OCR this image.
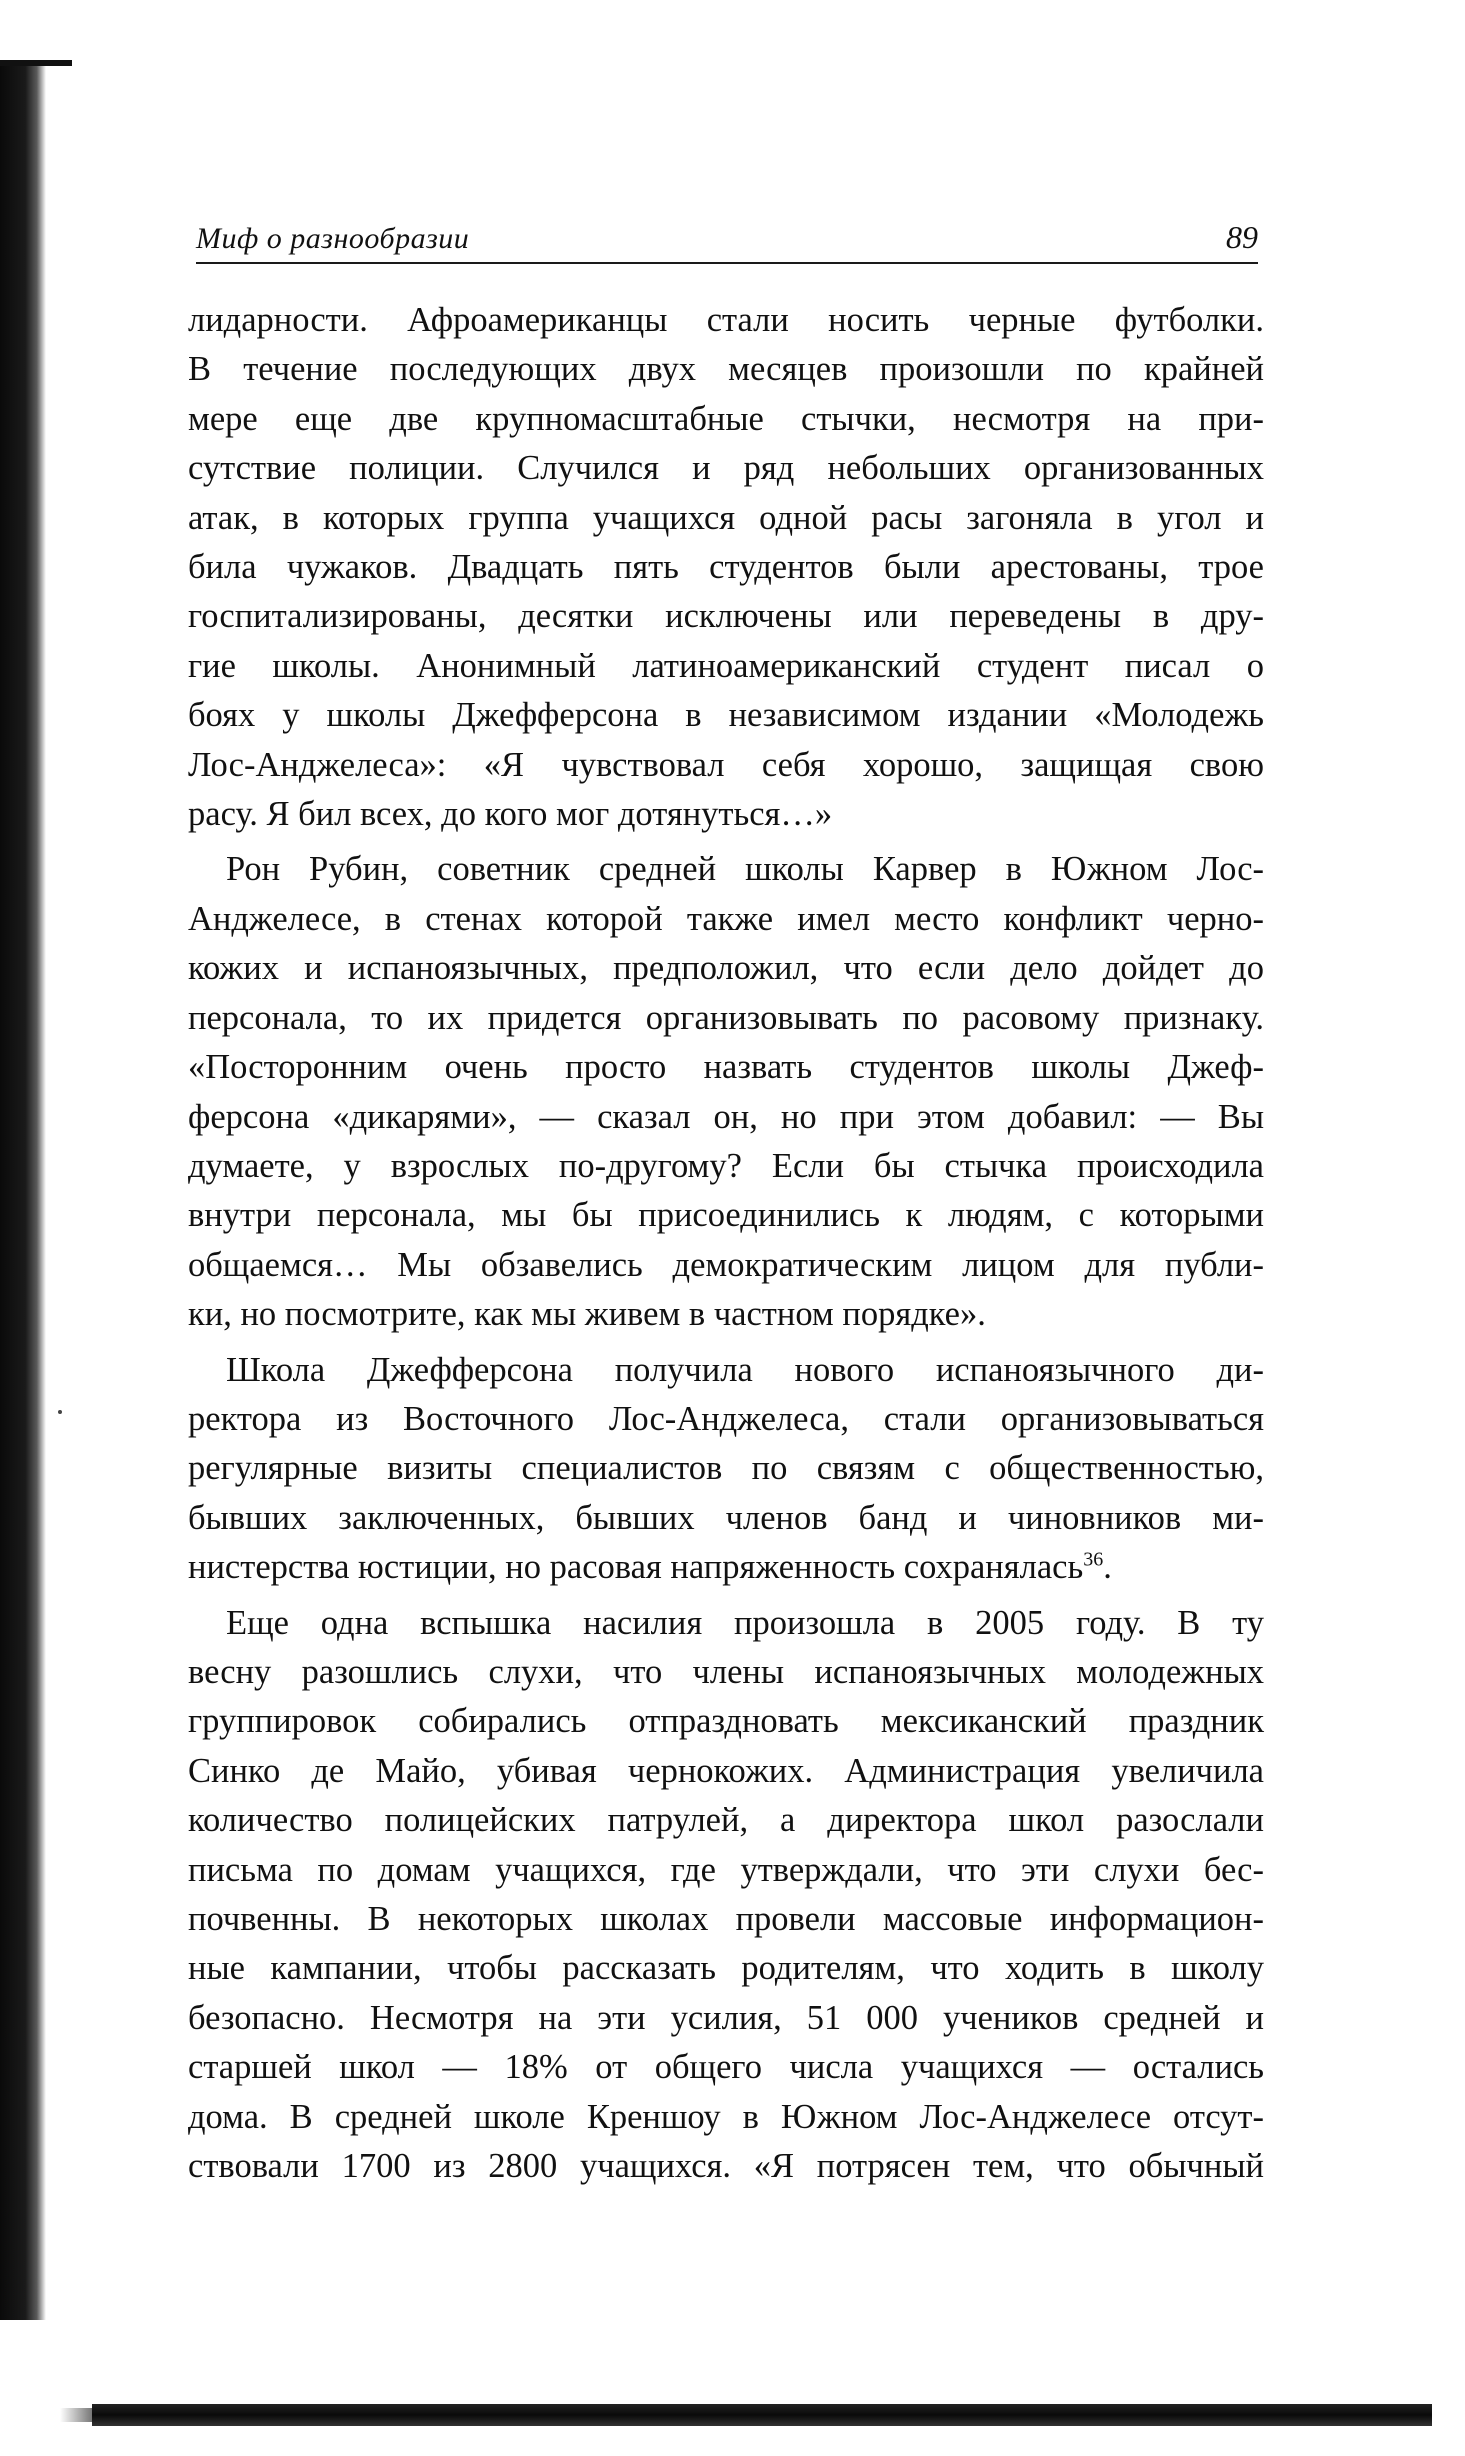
Миф о разнообразии	89
лидарности. Афроамериканцы стали носить черные футболки.
В течение последующих двух месяцев произошли по крайней
мере еще две крупномасштабные стычки, несмотря на при-
сутствие полиции. Случился и ряд небольших организованных
атак, в которых группа учащихся одной расы загоняла в угол и
била чужаков. Двадцать пять студентов были арестованы, трое
госпитализированы, десятки исключены или переведены в дру-
гие школы. Анонимный латиноамериканский студент писал о
боях у школы Джефферсона в независимом издании «Молодежь
Лос-Анджелеса»: «Я чувствовал себя хорошо, защищая свою
расу. Я бил всех, до кого мог дотянуться…»
Рон Рубин, советник средней школы Карвер в Южном Лос-
Анджелесе, в стенах которой также имел место конфликт черно-
кожих и испаноязычных, предположил, что если дело дойдет до
персонала, то их придется организовывать по расовому признаку.
«Посторонним очень просто назвать студентов школы Джеф-
ферсона «дикарями», — сказал он, но при этом добавил: — Вы
думаете, у взрослых по-другому? Если бы стычка происходила
внутри персонала, мы бы присоединились к людям, с которыми
общаемся… Мы обзавелись демократическим лицом для публи-
ки, но посмотрите, как мы живем в частном порядке».
Школа Джефферсона получила нового испаноязычного ди-
ректора из Восточного Лос-Анджелеса, стали организовываться
регулярные визиты специалистов по связям с общественностью,
бывших заключенных, бывших членов банд и чиновников ми-
нистерства юстиции, но расовая напряженность сохранялась$^{36}$.
Еще одна вспышка насилия произошла в 2005 году. В ту
весну разошлись слухи, что члены испаноязычных молодежных
группировок собирались отпраздновать мексиканский праздник
Синко де Майо, убивая чернокожих. Администрация увеличила
количество полицейских патрулей, а директора школ разослали
письма по домам учащихся, где утверждали, что эти слухи бес-
почвенны. В некоторых школах провели массовые информацион-
ные кампании, чтобы рассказать родителям, что ходить в школу
безопасно. Несмотря на эти усилия, 51 000 учеников средней и
старшей школ — 18% от общего числа учащихся — остались
дома. В средней школе Креншоу в Южном Лос-Анджелесе отсут-
ствовали 1700 из 2800 учащихся. «Я потрясен тем, что обычный
